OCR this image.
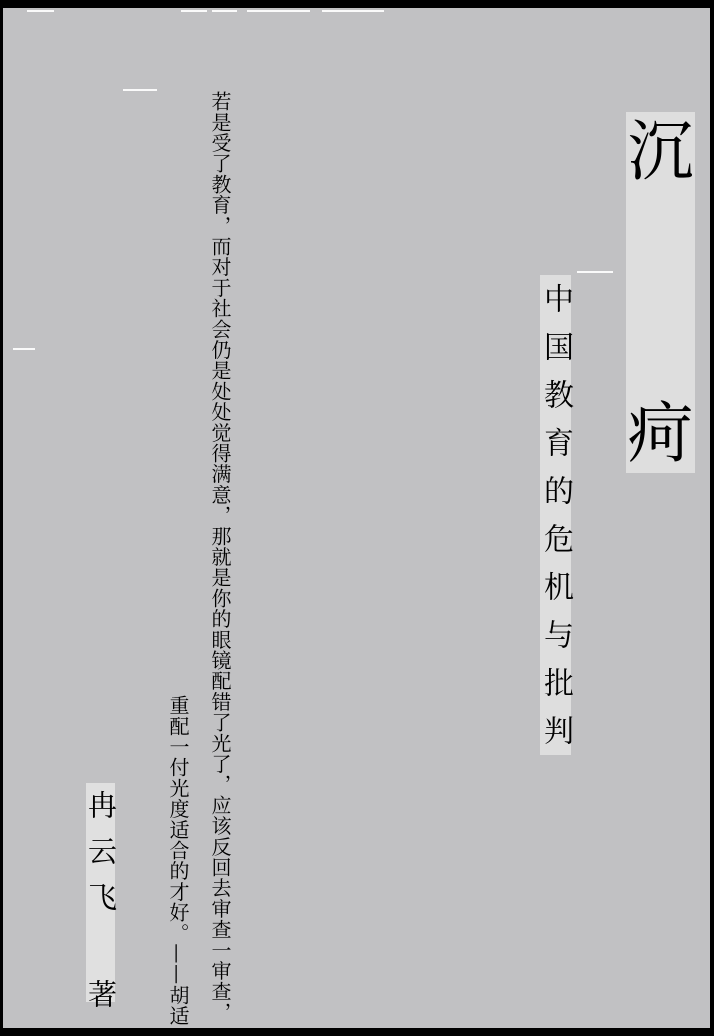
沉
疴
中国教育的危机与批判
若是受了教育，而对于社会仍是处处觉得满意，那就是你的眼镜配错了光了，应该反回去审查一审查，
重配一付光度适合的才好。——胡适
冉云飞 著
